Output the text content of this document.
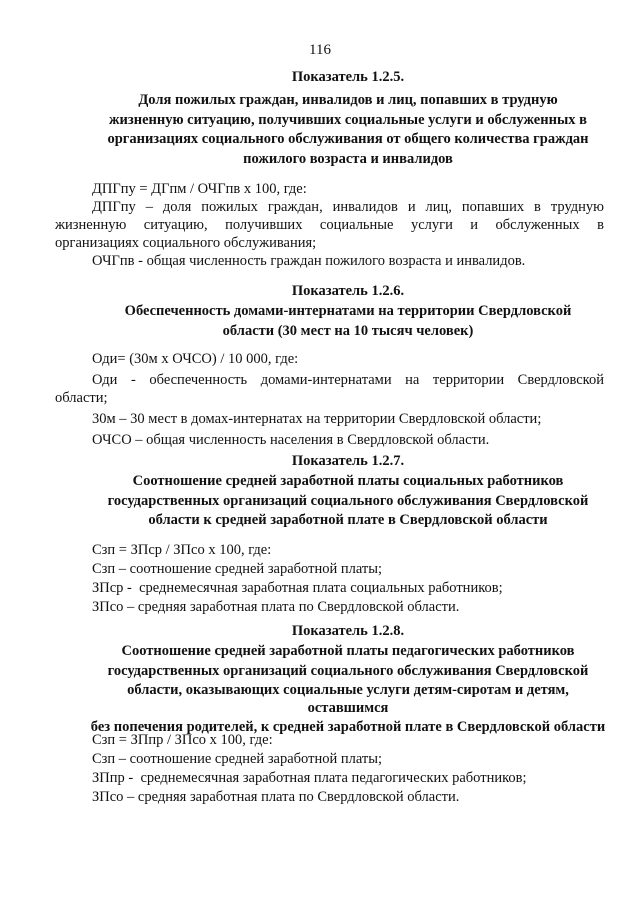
116

Показатель 1.2.5.

Доля пожилых граждан, инвалидов и лиц, попавших в трудную

жизненную ситуацию, получивших социальные услуги и обслуженных в

организациях социального обслуживания от общего количества граждан

пожилого возраста и инвалидов

ДПГпу = ДГпм / ОЧГпв х 100, где:

ДПГпу – доля пожилых граждан, инвалидов и лиц, попавших в трудную

жизненную ситуацию, получивших социальные услуги и обслуженных в

организациях социального обслуживания;

ОЧГпв - общая численность граждан пожилого возраста и инвалидов.

Показатель 1.2.6.

Обеспеченность домами-интернатами на территории Свердловской

области (30 мест на 10 тысяч человек)

Оди= (30м х ОЧСО) / 10 000, где:

Оди - обеспеченность домами-интернатами на территории Свердловской

области;

30м – 30 мест в домах-интернатах на территории Свердловской области;

ОЧСО – общая численность населения в Свердловской области.

Показатель 1.2.7.

Соотношение средней заработной платы социальных работников

государственных организаций социального обслуживания Свердловской

области к средней заработной плате в Свердловской области

Сзп = ЗПср / ЗПсо х 100, где:

Сзп – соотношение средней заработной платы;

ЗПср -  среднемесячная заработная плата социальных работников;

ЗПсо – средняя заработная плата по Свердловской области.

Показатель 1.2.8.

Соотношение средней заработной платы педагогических работников

государственных организаций социального обслуживания Свердловской

области, оказывающих социальные услуги детям-сиротам и детям, оставшимся

без попечения родителей, к средней заработной плате в Свердловской области

Сзп = ЗПпр / ЗПсо х 100, где:

Сзп – соотношение средней заработной платы;

ЗПпр -  среднемесячная заработная плата педагогических работников;

ЗПсо – средняя заработная плата по Свердловской области.
